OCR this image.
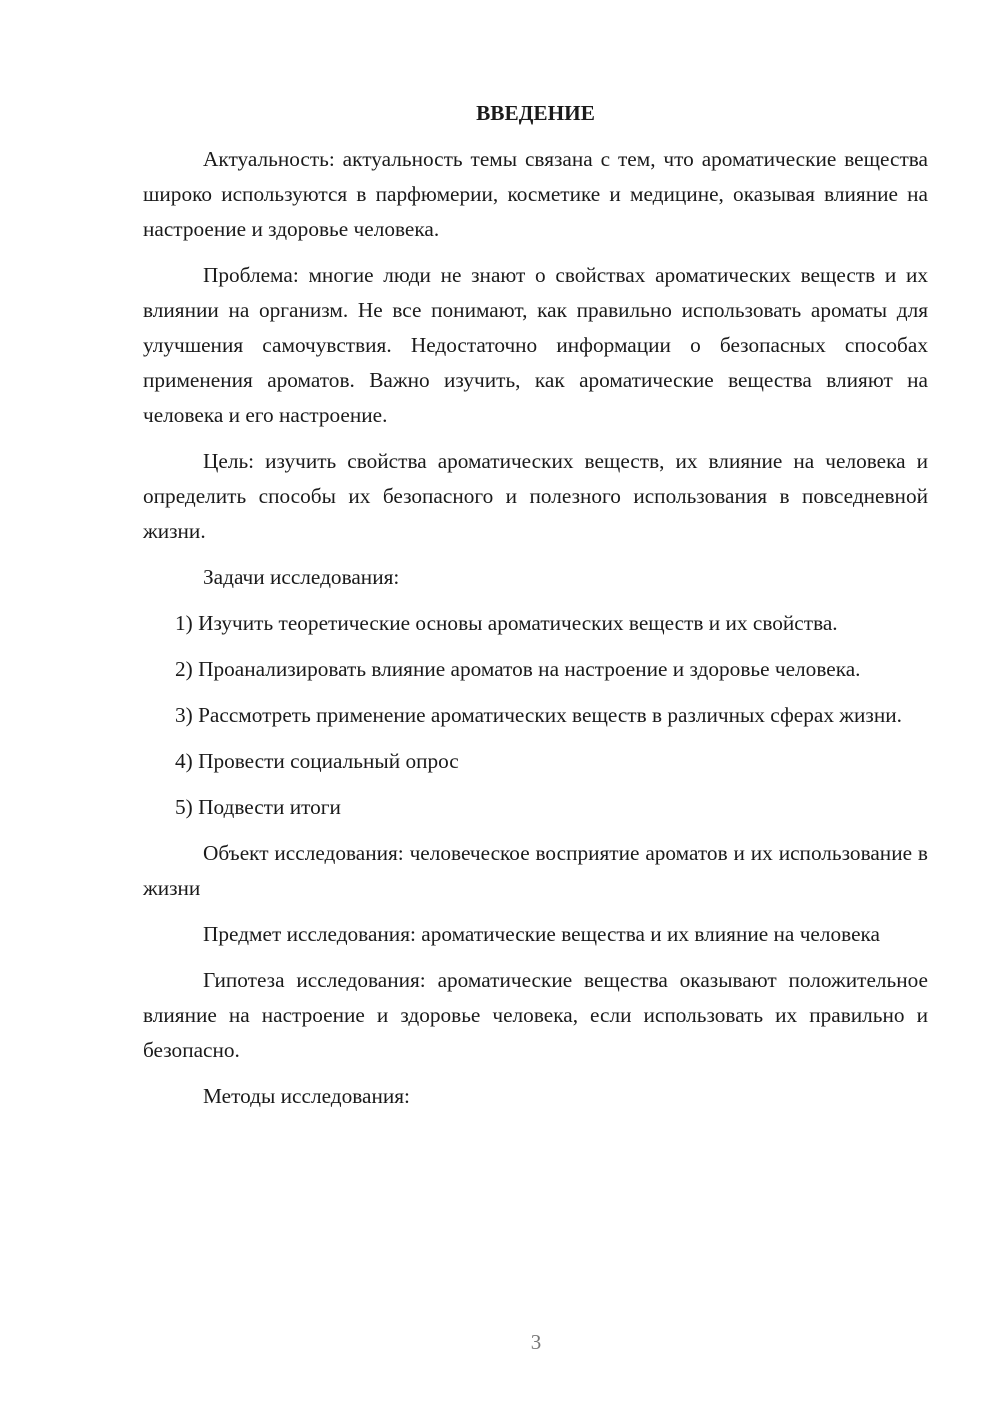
ВВЕДЕНИЕ

Актуальность: актуальность темы связана с тем, что ароматические вещества широко используются в парфюмерии, косметике и медицине, оказывая влияние на настроение и здоровье человека.

Проблема: многие люди не знают о свойствах ароматических веществ и их влиянии на организм. Не все понимают, как правильно использовать ароматы для улучшения самочувствия. Недостаточно информации о безопасных способах применения ароматов. Важно изучить, как ароматические вещества влияют на человека и его настроение.

Цель: изучить свойства ароматических веществ, их влияние на человека и определить способы их безопасного и полезного использования в повседневной жизни.

Задачи исследования:

1) Изучить теоретические основы ароматических веществ и их свойства.

2) Проанализировать влияние ароматов на настроение и здоровье человека.

3) Рассмотреть применение ароматических веществ в различных сферах жизни.

4) Провести социальный опрос

5) Подвести итоги

Объект исследования: человеческое восприятие ароматов и их использование в жизни

Предмет исследования: ароматические вещества и их влияние на человека

Гипотеза исследования: ароматические вещества оказывают положительное влияние на настроение и здоровье человека, если использовать их правильно и безопасно.

Методы исследования:

3
